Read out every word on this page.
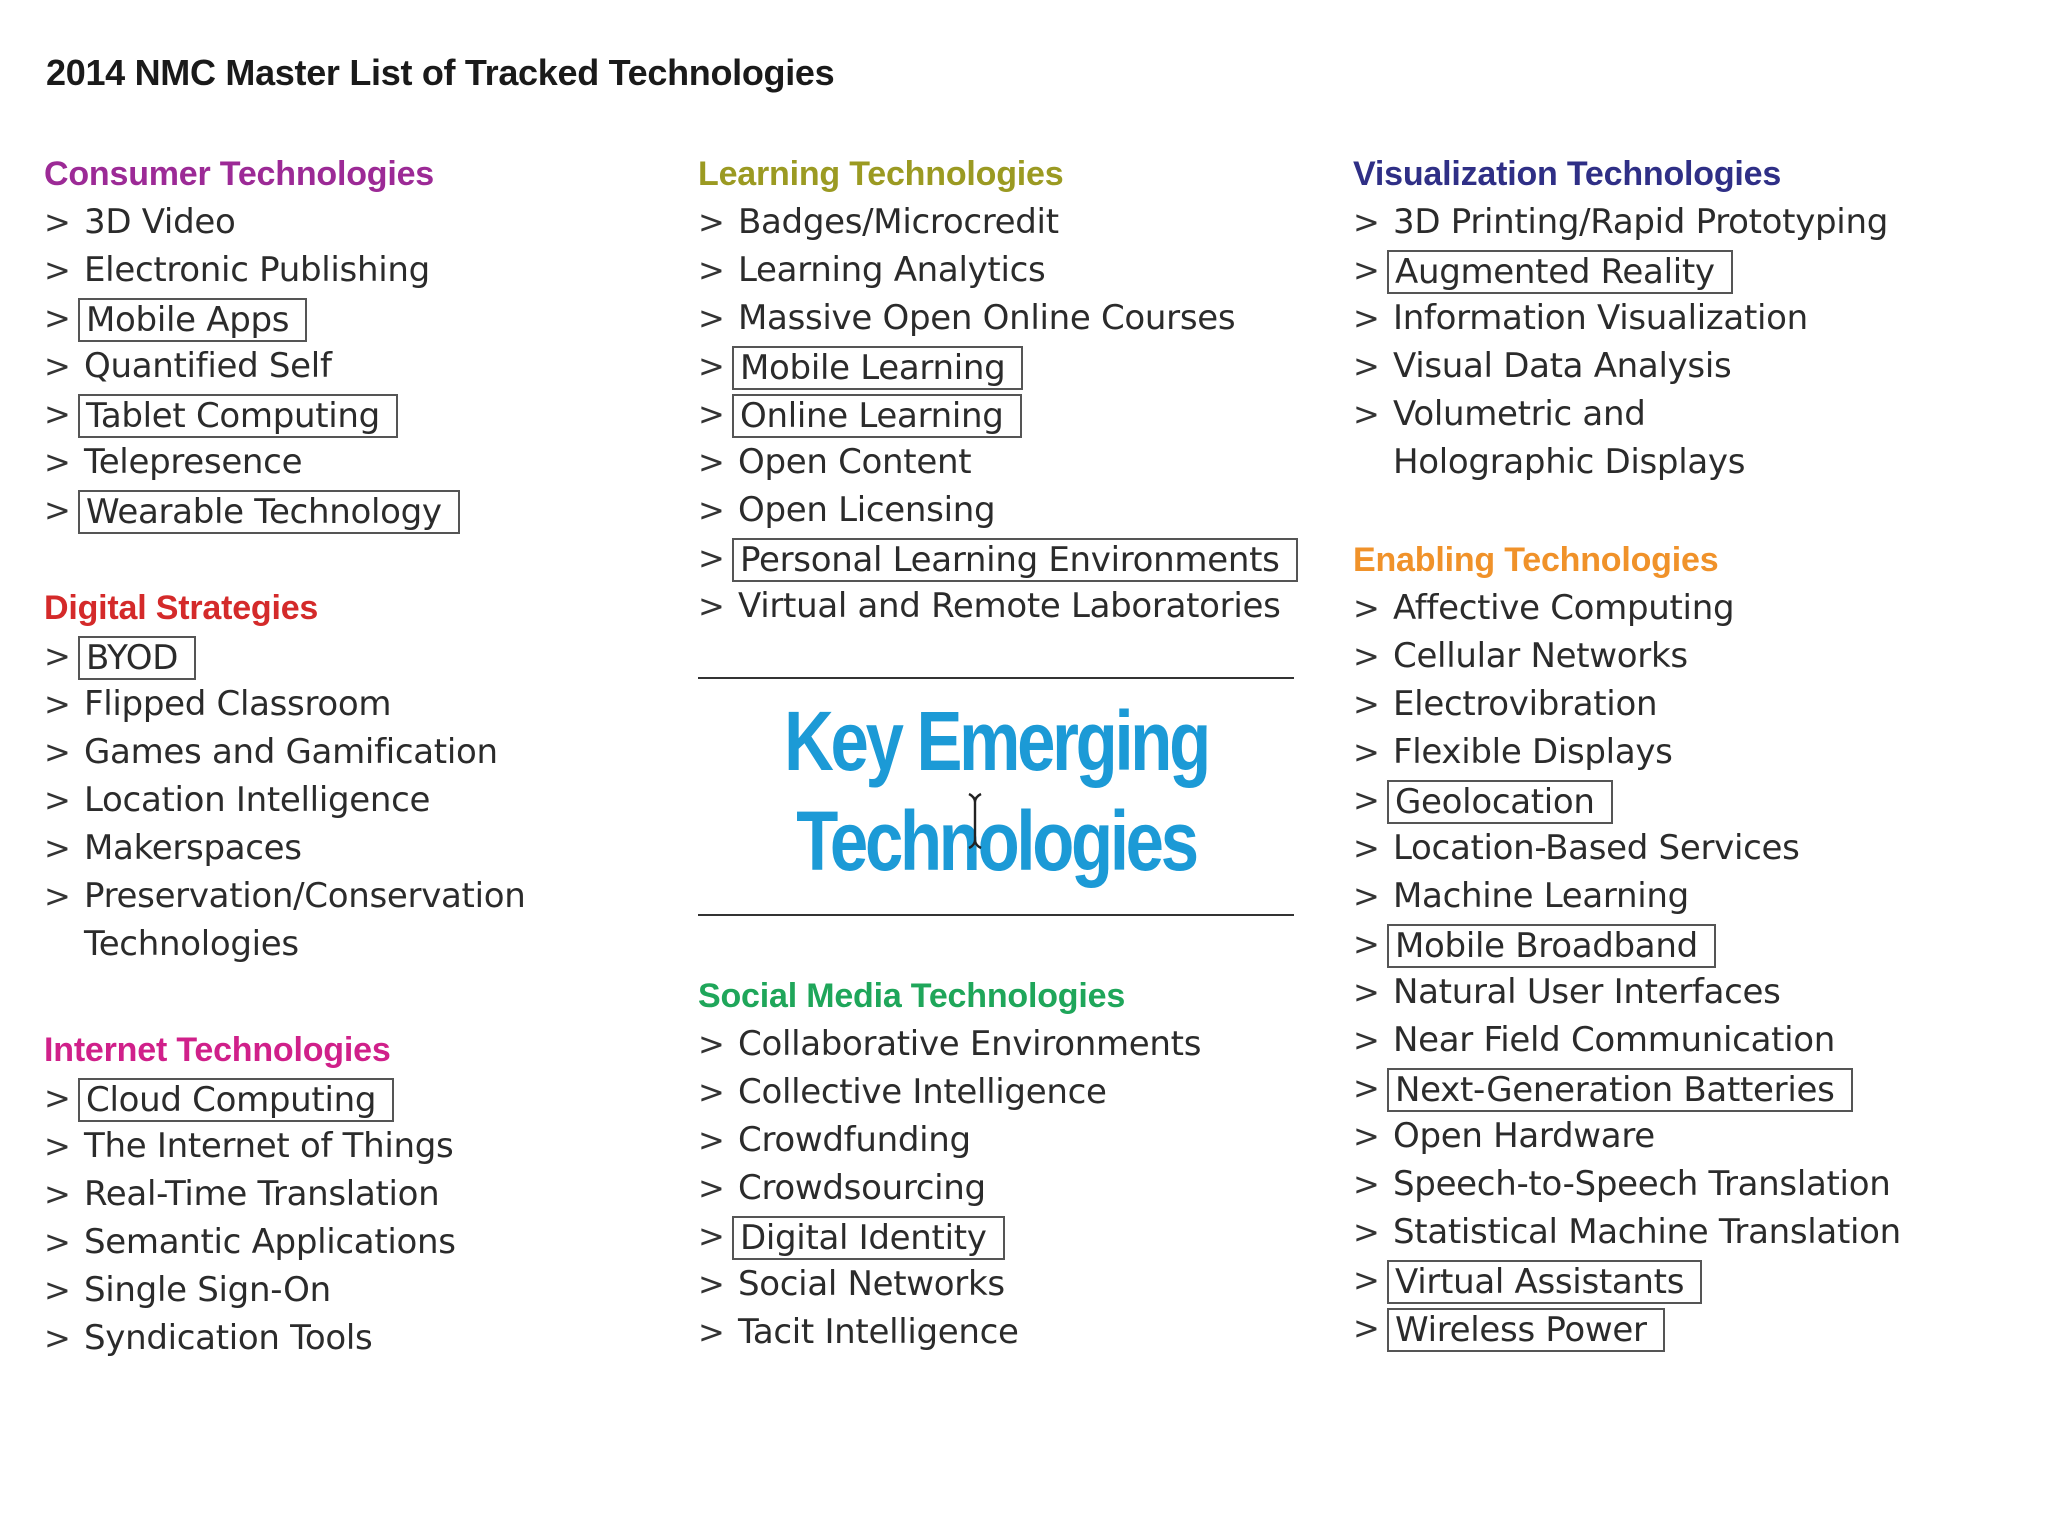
2014 NMC Master List of Tracked Technologies
Consumer Technologies
> 3D Video
> Electronic Publishing
> Mobile Apps
> Quantified Self
> Tablet Computing
> Telepresence
> Wearable Technology
Digital Strategies
> BYOD
> Flipped Classroom
> Games and Gamification
> Location Intelligence
> Makerspaces
> Preservation/Conservation Technologies
Internet Technologies
> Cloud Computing
> The Internet of Things
> Real-Time Translation
> Semantic Applications
> Single Sign-On
> Syndication Tools
Learning Technologies
> Badges/Microcredit
> Learning Analytics
> Massive Open Online Courses
> Mobile Learning
> Online Learning
> Open Content
> Open Licensing
> Personal Learning Environments
> Virtual and Remote Laboratories
Key Emerging
Technologies
Social Media Technologies
> Collaborative Environments
> Collective Intelligence
> Crowdfunding
> Crowdsourcing
> Digital Identity
> Social Networks
> Tacit Intelligence
Visualization Technologies
> 3D Printing/Rapid Prototyping
> Augmented Reality
> Information Visualization
> Visual Data Analysis
> Volumetric and Holographic Displays
Enabling Technologies
> Affective Computing
> Cellular Networks
> Electrovibration
> Flexible Displays
> Geolocation
> Location-Based Services
> Machine Learning
> Mobile Broadband
> Natural User Interfaces
> Near Field Communication
> Next-Generation Batteries
> Open Hardware
> Speech-to-Speech Translation
> Statistical Machine Translation
> Virtual Assistants
> Wireless Power
